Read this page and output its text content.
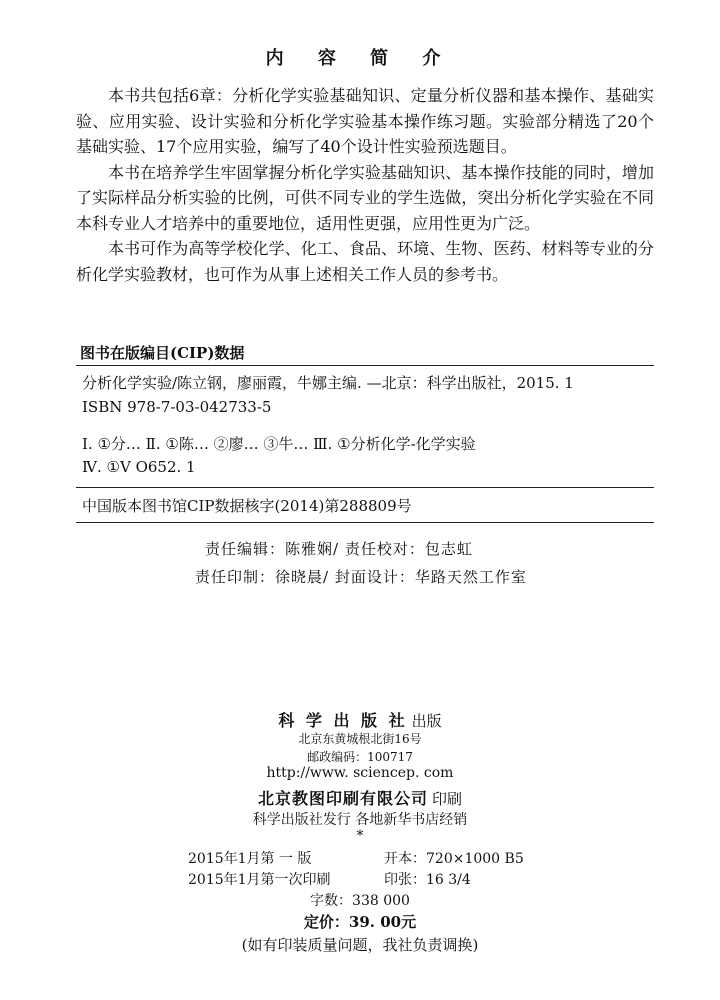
内 容 简 介

本书共包括6章：分析化学实验基础知识、定量分析仪器和基本操作、基础实验、应用实验、设计实验和分析化学实验基本操作练习题。实验部分精选了20个基础实验、17个应用实验，编写了40个设计性实验预选题目。

本书在培养学生牢固掌握分析化学实验基础知识、基本操作技能的同时，增加了实际样品分析实验的比例，可供不同专业的学生选做，突出分析化学实验在不同本科专业人才培养中的重要地位，适用性更强，应用性更为广泛。

本书可作为高等学校化学、化工、食品、环境、生物、医药、材料等专业的分析化学实验教材，也可作为从事上述相关工作人员的参考书。

图书在版编目(CIP)数据
分析化学实验/陈立钢，廖丽霞，牛娜主编. —北京：科学出版社，2015. 1
ISBN 978-7-03-042733-5
Ⅰ. ①分… Ⅱ. ①陈… ②廖… ③牛… Ⅲ. ①分析化学-化学实验
Ⅳ. ①Ⅴ O652. 1
中国版本图书馆CIP数据核字(2014)第288809号
责任编辑：陈雅娴/ 责任校对：包志虹
责任印制：徐晓晨/ 封面设计：华路天然工作室
科 学 出 版 社 出版
北京东黄城根北街16号
邮政编码：100717
http://www. sciencep. com
北京教图印刷有限公司 印刷
科学出版社发行 各地新华书店经销
*
2015年1月第 一 版	开本：720×1000 B5
2015年1月第一次印刷	印张：16 3/4
字数：338 000
定价：39. 00元
(如有印装质量问题，我社负责调换)
